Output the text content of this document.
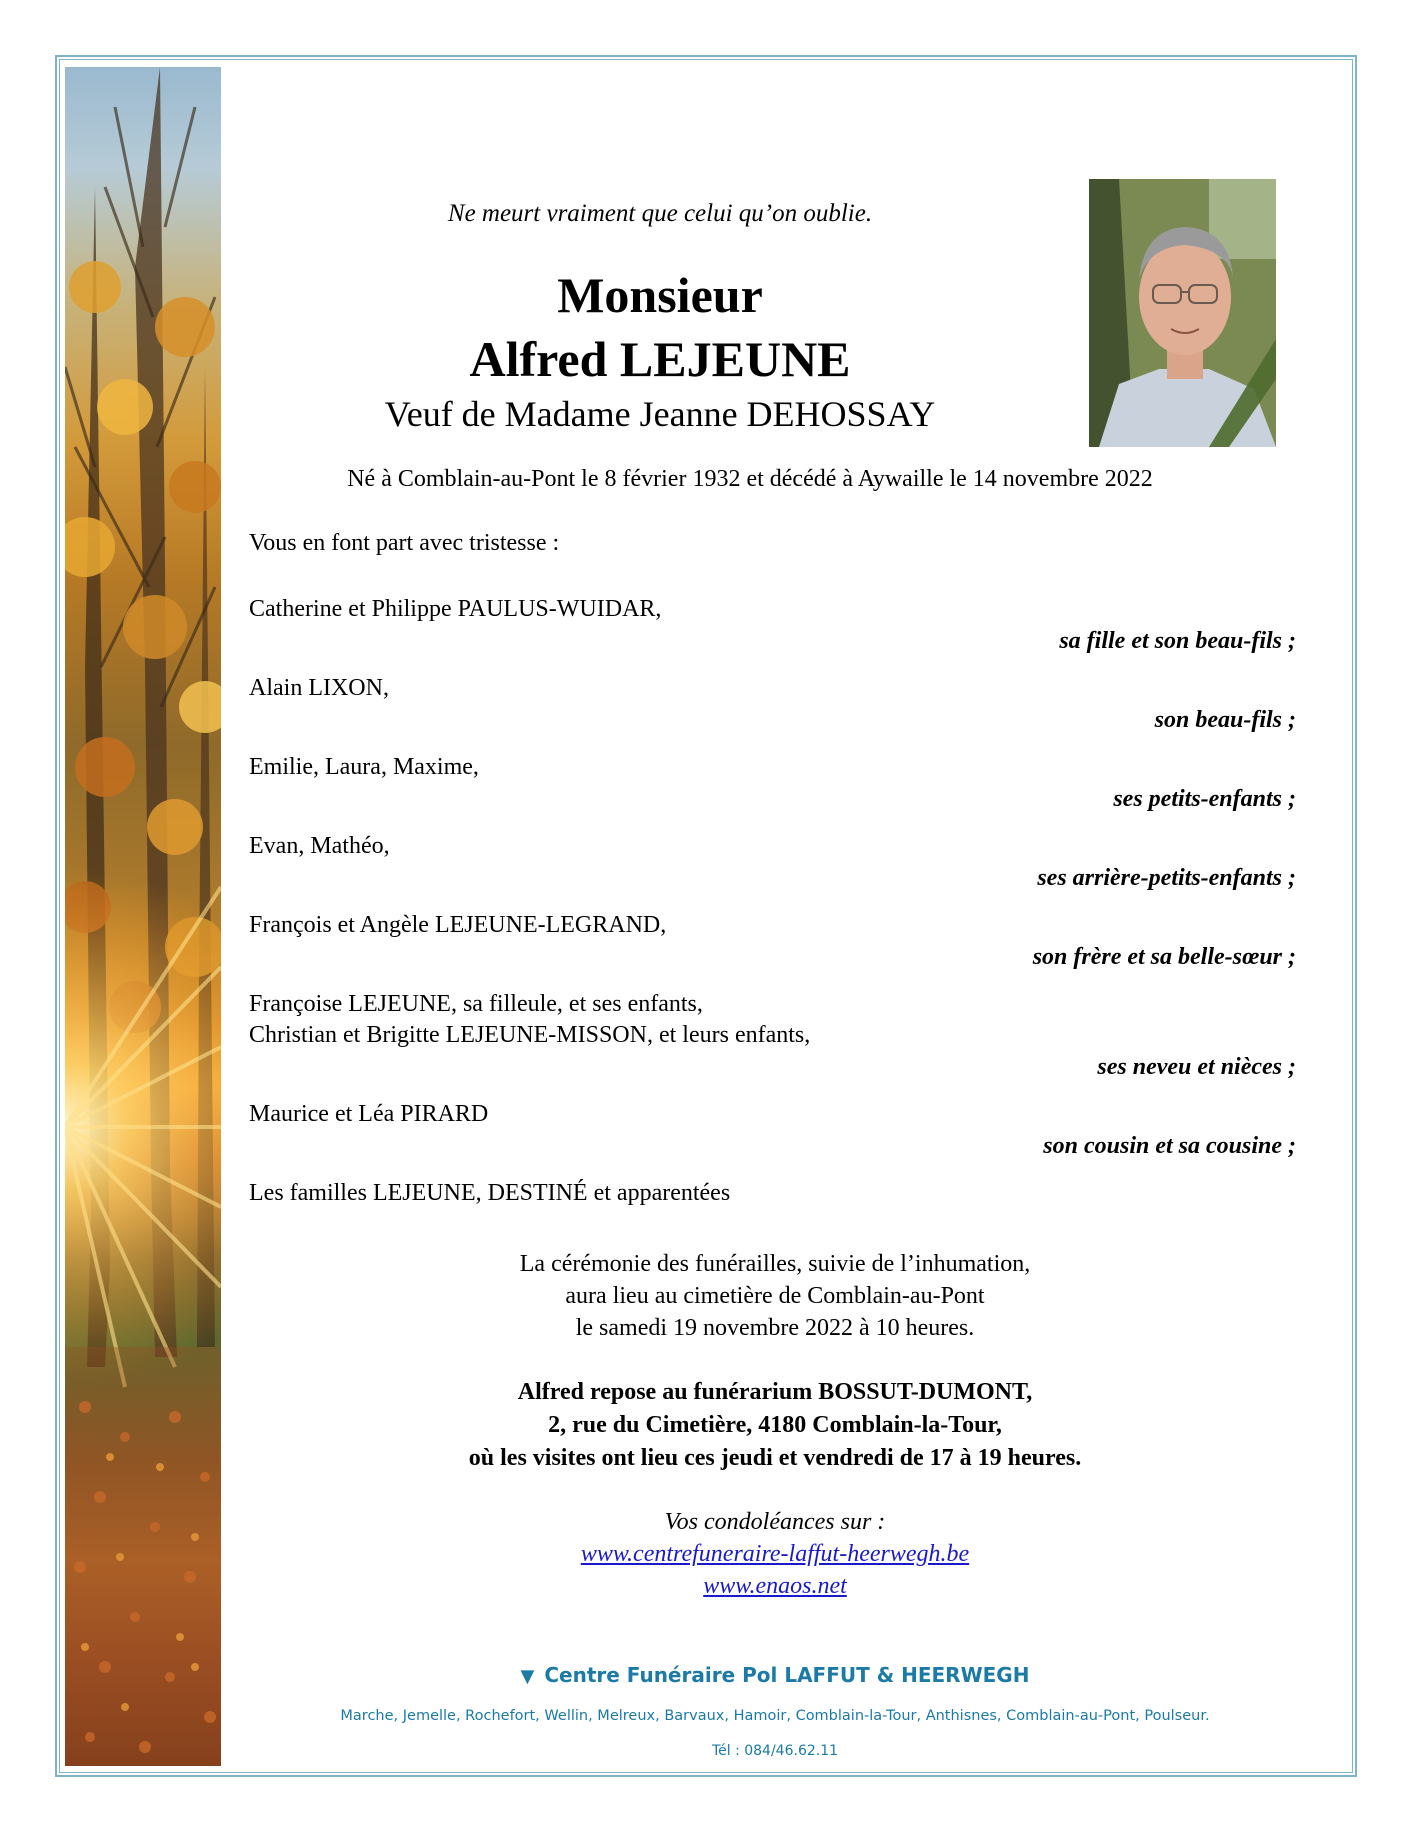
Ne meurt vraiment que celui qu’on oublie.
Monsieur
Alfred LEJEUNE
Veuf de Madame Jeanne DEHOSSAY
Né à Comblain-au-Pont le 8 février 1932 et décédé à Aywaille le 14 novembre 2022
Vous en font part avec tristesse :
Catherine et Philippe PAULUS-WUIDAR,
sa fille et son beau-fils ;
Alain LIXON,
son beau-fils ;
Emilie, Laura, Maxime,
ses petits-enfants ;
Evan, Mathéo,
ses arrière-petits-enfants ;
François et Angèle LEJEUNE-LEGRAND,
son frère et sa belle-sœur ;
Françoise LEJEUNE, sa filleule, et ses enfants,
Christian et Brigitte LEJEUNE-MISSON, et leurs enfants,
ses neveu et nièces ;
Maurice et Léa PIRARD
son cousin et sa cousine ;
Les familles LEJEUNE, DESTINÉ et apparentées
La cérémonie des funérailles, suivie de l’inhumation,
aura lieu au cimetière de Comblain-au-Pont
le samedi 19 novembre 2022 à 10 heures.
Alfred repose au funérarium BOSSUT-DUMONT,
2, rue du Cimetière, 4180 Comblain-la-Tour,
où les visites ont lieu ces jeudi et vendredi de 17 à 19 heures.
Vos condoléances sur :
www.centrefuneraire-laffut-heerwegh.be
www.enaos.net
▼ Centre Funéraire Pol LAFFUT & HEERWEGH
Marche, Jemelle, Rochefort, Wellin, Melreux, Barvaux, Hamoir, Comblain-la-Tour, Anthisnes, Comblain-au-Pont, Poulseur.
Tél : 084/46.62.11
